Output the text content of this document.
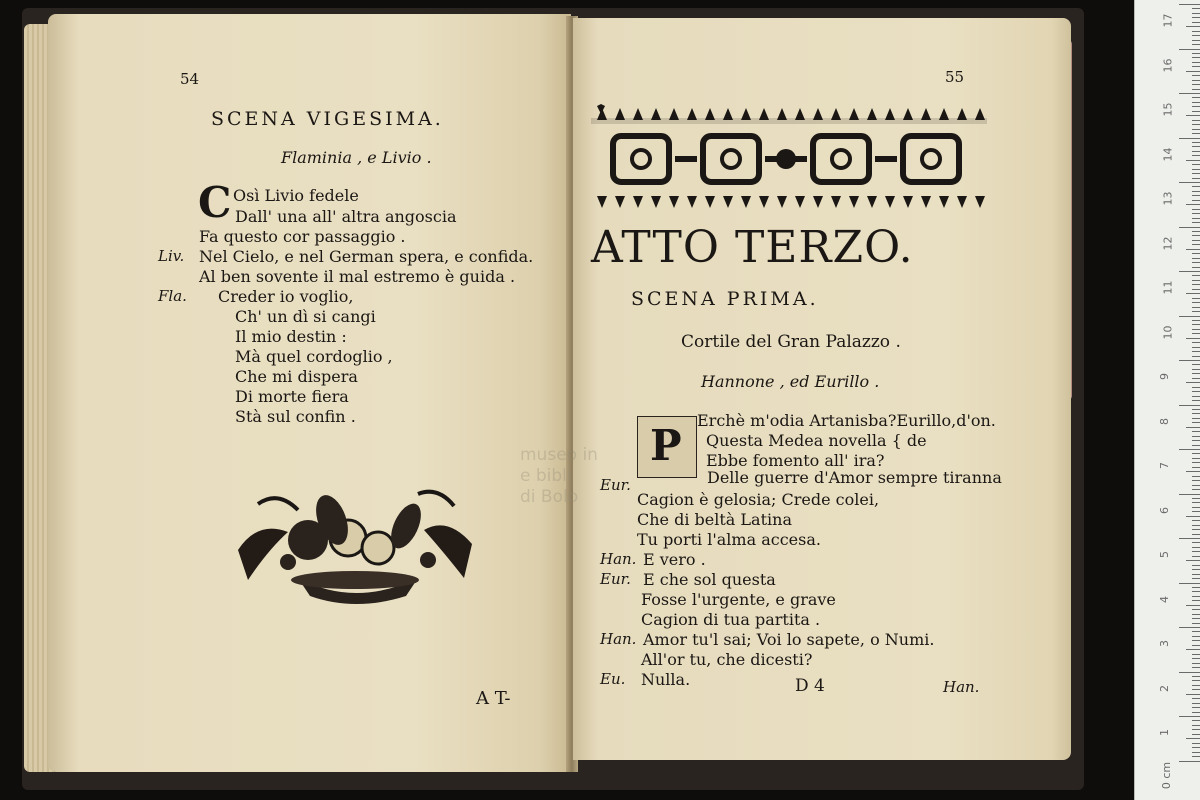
54
SCENA VIGESIMA.
Flaminia , e Livio .
C Osì Livio fedele
Dall' una all' altra angoscia
Fa questo cor passaggio .
Liv. Nel Cielo, e nel German spera, e confida.
Al ben sovente il mal estremo è guida .
Fla. Creder io voglio,
Ch' un dì si cangi
Il mio destin :
Mà quel cordoglio ,
Che mi dispera
Di morte fiera
Stà sul confin .
A T-
55
ATTO TERZO.
SCENA PRIMA.
Cortile del Gran Palazzo .
Hannone , ed Eurillo .
P
Erchè m'odia Artanisba?Eurillo,d'on.
Questa Medea novella { de
Ebbe fomento all' ira?
Eur.	Delle guerre d'Amor sempre tiranna
Cagion è gelosia; Crede colei,
Che di beltà Latina
Tu porti l'alma accesa.
Han. E vero .
Eur. E che sol questa
Fosse l'urgente, e grave
Cagion di tua partita .
Han. Amor tu'l sai; Voi lo sapete, o Numi.
All'or tu, che dicesti?
Eu. Nulla.	D 4	Han.
museo in
e bibli
di Bolo
17
16
15
14
13
12
11
10
9
8
7
6
5
4
3
2
1
0 cm
